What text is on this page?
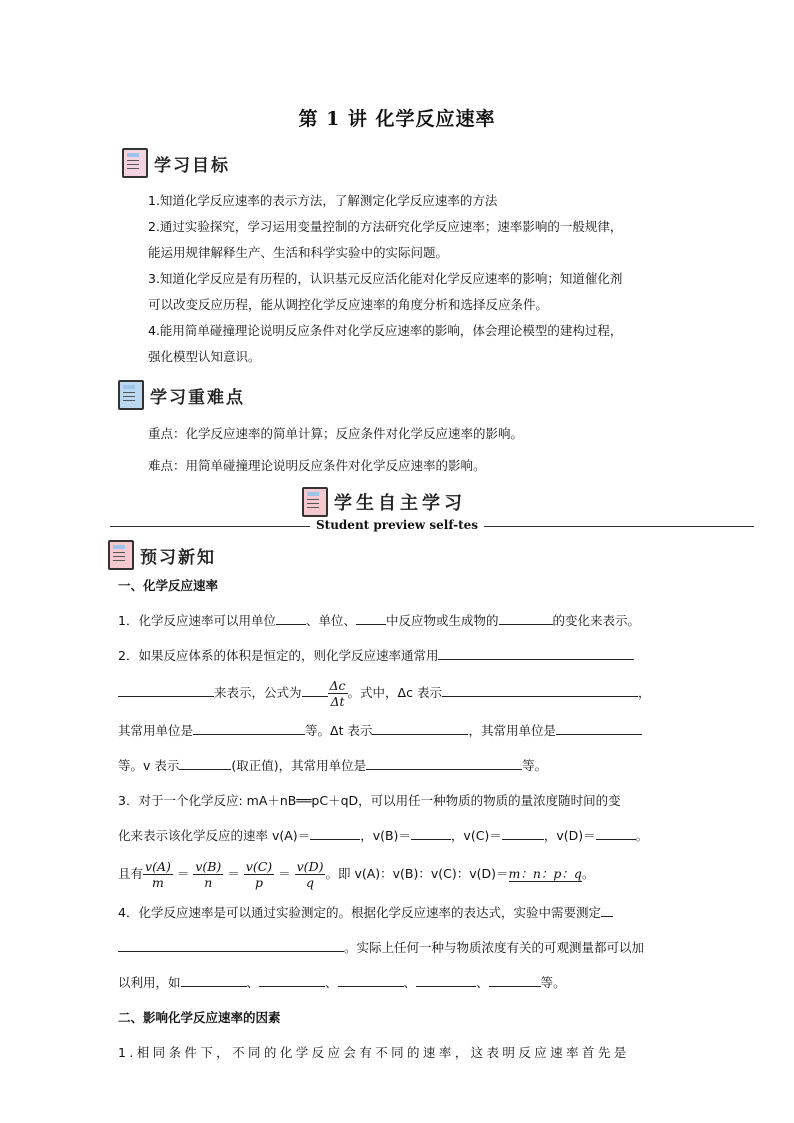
第 1 讲 化学反应速率
学习目标
1.知道化学反应速率的表示方法，了解测定化学反应速率的方法
2.通过实验探究，学习运用变量控制的方法研究化学反应速率；速率影响的一般规律，
能运用规律解释生产、生活和科学实验中的实际问题。
3.知道化学反应是有历程的，认识基元反应活化能对化学反应速率的影响；知道催化剂
可以改变反应历程，能从调控化学反应速率的角度分析和选择反应条件。
4.能用简单碰撞理论说明反应条件对化学反应速率的影响，体会理论模型的建构过程，
强化模型认知意识。
学习重难点
重点：化学反应速率的简单计算；反应条件对化学反应速率的影响。
难点：用简单碰撞理论说明反应条件对化学反应速率的影响。
学生自主学习
Student preview self-tes
预习新知
一、化学反应速率
1．化学反应速率可以用单位 、单位、 中反应物或生成物的	的变化来表示。
2．如果反应体系的体积是恒定的，则化学反应速率通常用
来表示，公式为 $\frac{\Delta c}{\Delta t}$ 。式中，Δc 表示	，
其常用单位是	等。Δt 表示	，其常用单位是
等。v 表示	(取正值)，其常用单位是	等。
3．对于一个化学反应: mA＋nB══pC＋qD，可以用任一种物质的物质的量浓度随时间的变
化来表示该化学反应的速率 v(A)＝	，v(B)＝	，v(C)＝	，v(D)＝	。
且有 $\frac{v(A)}{m} = \frac{v(B)}{n} = \frac{v(C)}{p} = \frac{v(D)}{q}$ 。即 v(A)：v(B)：v(C)：v(D)＝m：n：p：q。
4．化学反应速率是可以通过实验测定的。根据化学反应速率的表达式，实验中需要测定
。实际上任何一种与物质浓度有关的可观测量都可以加
以利用，如	、	、	、	、	等。
二、影响化学反应速率的因素
1.相同条件下，不同的化学反应会有不同的速率，这表明反应速率首先是
